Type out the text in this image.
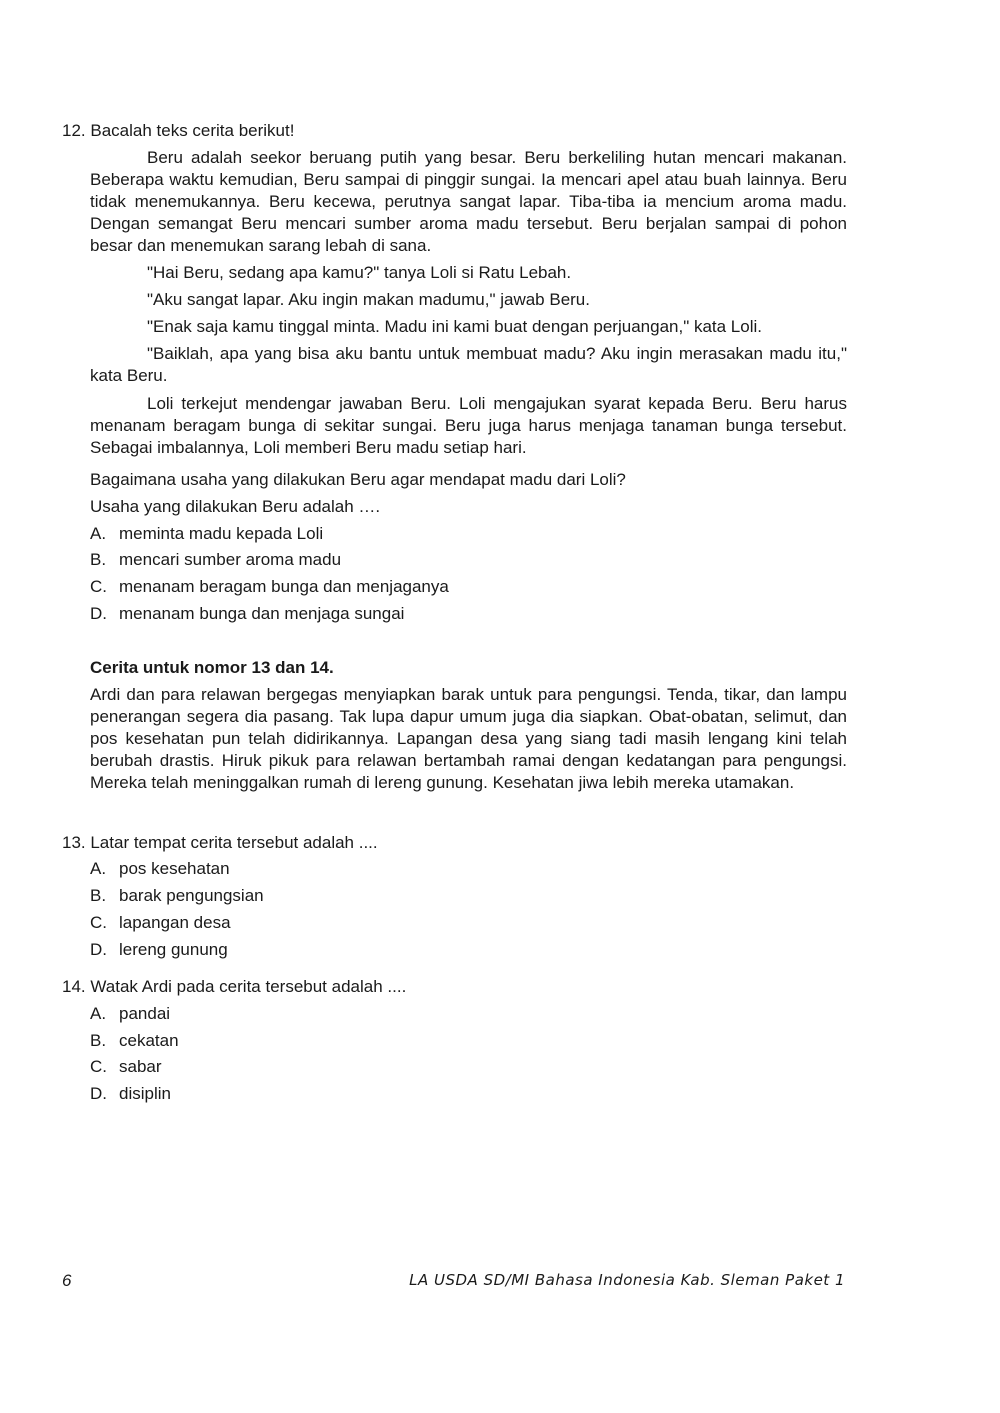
12. Bacalah teks cerita berikut!
Beru adalah seekor beruang putih yang besar. Beru berkeliling hutan mencari makanan. Beberapa waktu kemudian, Beru sampai di pinggir sungai. Ia mencari apel atau buah lainnya. Beru tidak menemukannya. Beru kecewa, perutnya sangat lapar. Tiba-tiba ia mencium aroma madu. Dengan semangat Beru mencari sumber aroma madu tersebut. Beru berjalan sampai di pohon besar dan menemukan sarang lebah di sana.
"Hai Beru, sedang apa kamu?" tanya Loli si Ratu Lebah.
"Aku sangat lapar. Aku ingin makan madumu," jawab Beru.
"Enak saja kamu tinggal minta. Madu ini kami buat dengan perjuangan," kata Loli.
"Baiklah, apa yang bisa aku bantu untuk membuat madu? Aku ingin merasakan madu itu," kata Beru.
Loli terkejut mendengar jawaban Beru. Loli mengajukan syarat kepada Beru. Beru harus menanam beragam bunga di sekitar sungai. Beru juga harus menjaga tanaman bunga tersebut. Sebagai imbalannya, Loli memberi Beru madu setiap hari.
Bagaimana usaha yang dilakukan Beru agar mendapat madu dari Loli?
Usaha yang dilakukan Beru adalah ….
A. meminta madu kepada Loli
B. mencari sumber aroma madu
C. menanam beragam bunga dan menjaganya
D. menanam bunga dan menjaga sungai
Cerita untuk nomor 13 dan 14.
Ardi dan para relawan bergegas menyiapkan barak untuk para pengungsi. Tenda, tikar, dan lampu penerangan segera dia pasang. Tak lupa dapur umum juga dia siapkan. Obat-obatan, selimut, dan pos kesehatan pun telah didirikannya. Lapangan desa yang siang tadi masih lengang kini telah berubah drastis. Hiruk pikuk para relawan bertambah ramai dengan kedatangan para pengungsi. Mereka telah meninggalkan rumah di lereng gunung. Kesehatan jiwa lebih mereka utamakan.
13. Latar tempat cerita tersebut adalah ....
A. pos kesehatan
B. barak pengungsian
C. lapangan desa
D. lereng gunung
14. Watak Ardi pada cerita tersebut adalah ....
A. pandai
B. cekatan
C. sabar
D. disiplin
6	LA USDA SD/MI Bahasa Indonesia Kab. Sleman Paket 1
